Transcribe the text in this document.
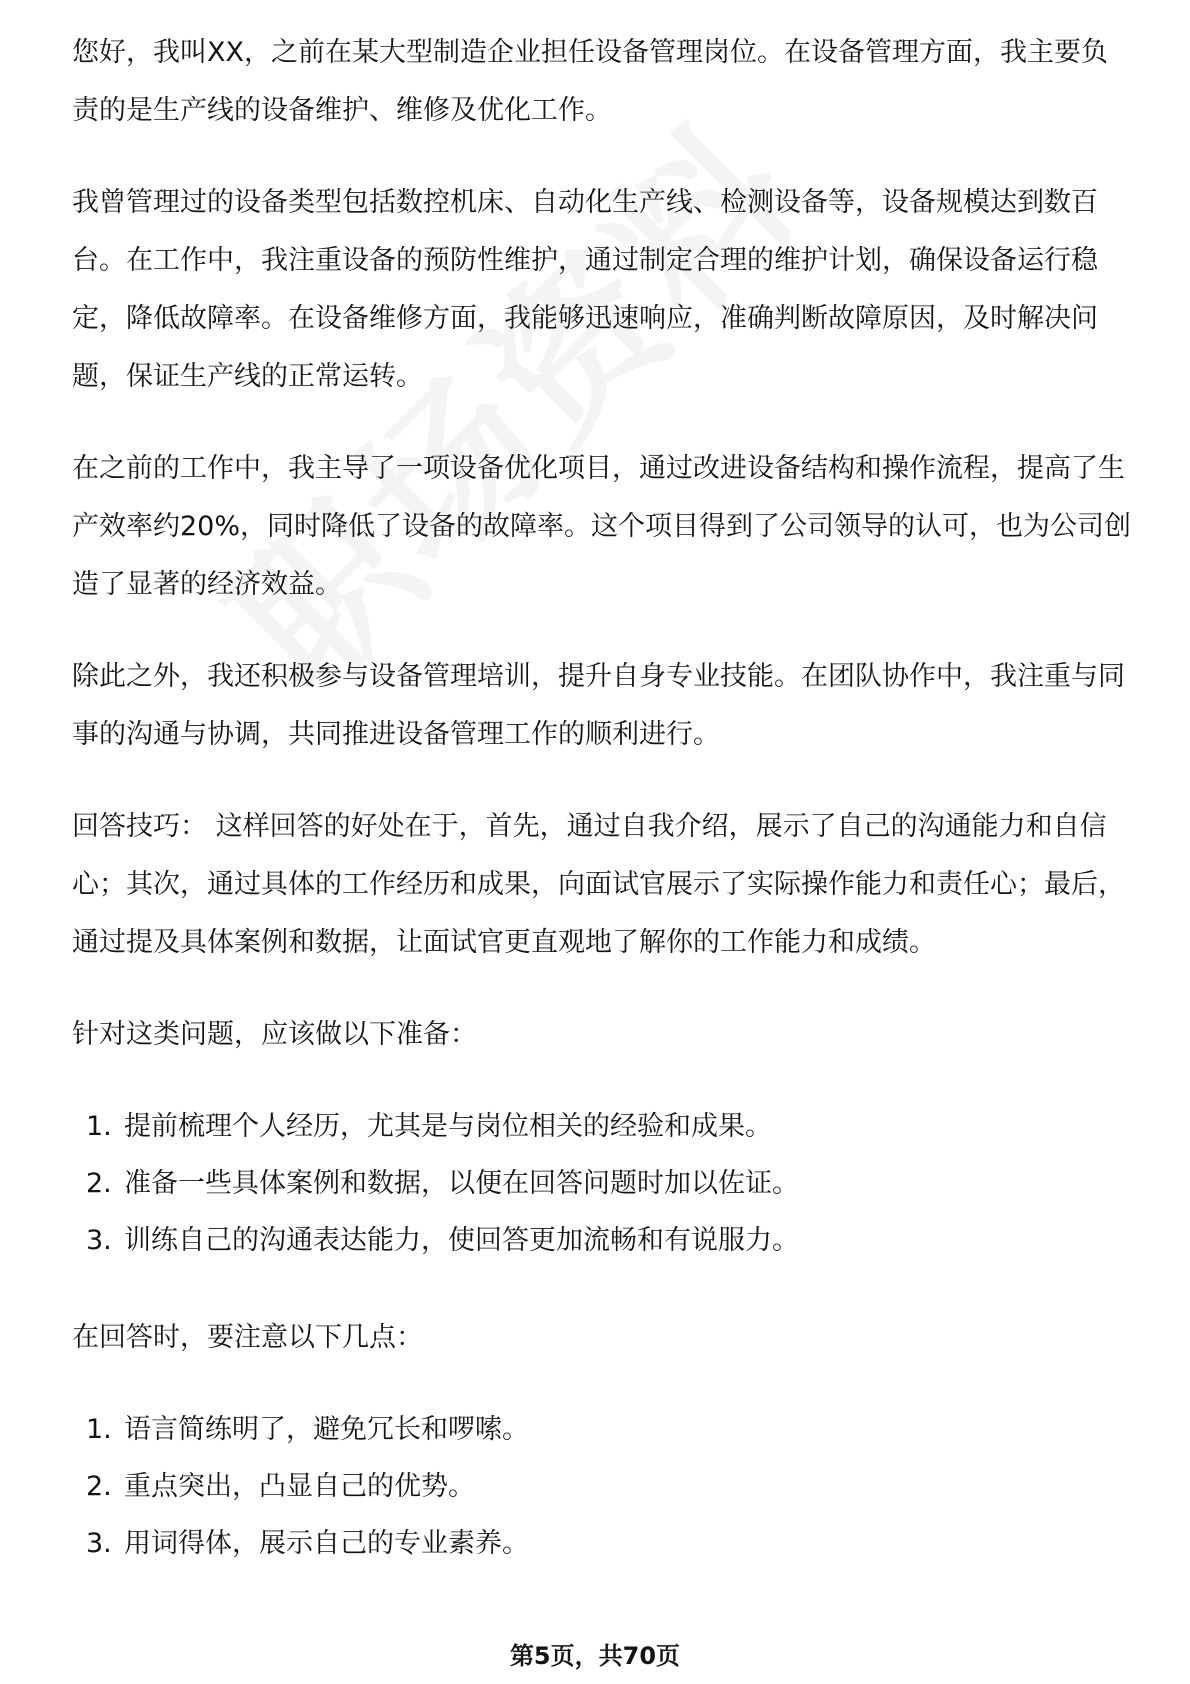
您好，我叫XX，之前在某大型制造企业担任设备管理岗位。在设备管理方面，我主要负责的是生产线的设备维护、维修及优化工作。

我曾管理过的设备类型包括数控机床、自动化生产线、检测设备等，设备规模达到数百台。在工作中，我注重设备的预防性维护，通过制定合理的维护计划，确保设备运行稳定，降低故障率。在设备维修方面，我能够迅速响应，准确判断故障原因，及时解决问题，保证生产线的正常运转。

在之前的工作中，我主导了一项设备优化项目，通过改进设备结构和操作流程，提高了生产效率约20%，同时降低了设备的故障率。这个项目得到了公司领导的认可，也为公司创造了显著的经济效益。

除此之外，我还积极参与设备管理培训，提升自身专业技能。在团队协作中，我注重与同事的沟通与协调，共同推进设备管理工作的顺利进行。

回答技巧： 这样回答的好处在于，首先，通过自我介绍，展示了自己的沟通能力和自信心；其次，通过具体的工作经历和成果，向面试官展示了实际操作能力和责任心；最后，通过提及具体案例和数据，让面试官更直观地了解你的工作能力和成绩。

针对这类问题，应该做以下准备：

1. 提前梳理个人经历，尤其是与岗位相关的经验和成果。
2. 准备一些具体案例和数据，以便在回答问题时加以佐证。
3. 训练自己的沟通表达能力，使回答更加流畅和有说服力。

在回答时，要注意以下几点：

1. 语言简练明了，避免冗长和啰嗦。
2. 重点突出，凸显自己的优势。
3. 用词得体，展示自己的专业素养。
第5页，共70页
